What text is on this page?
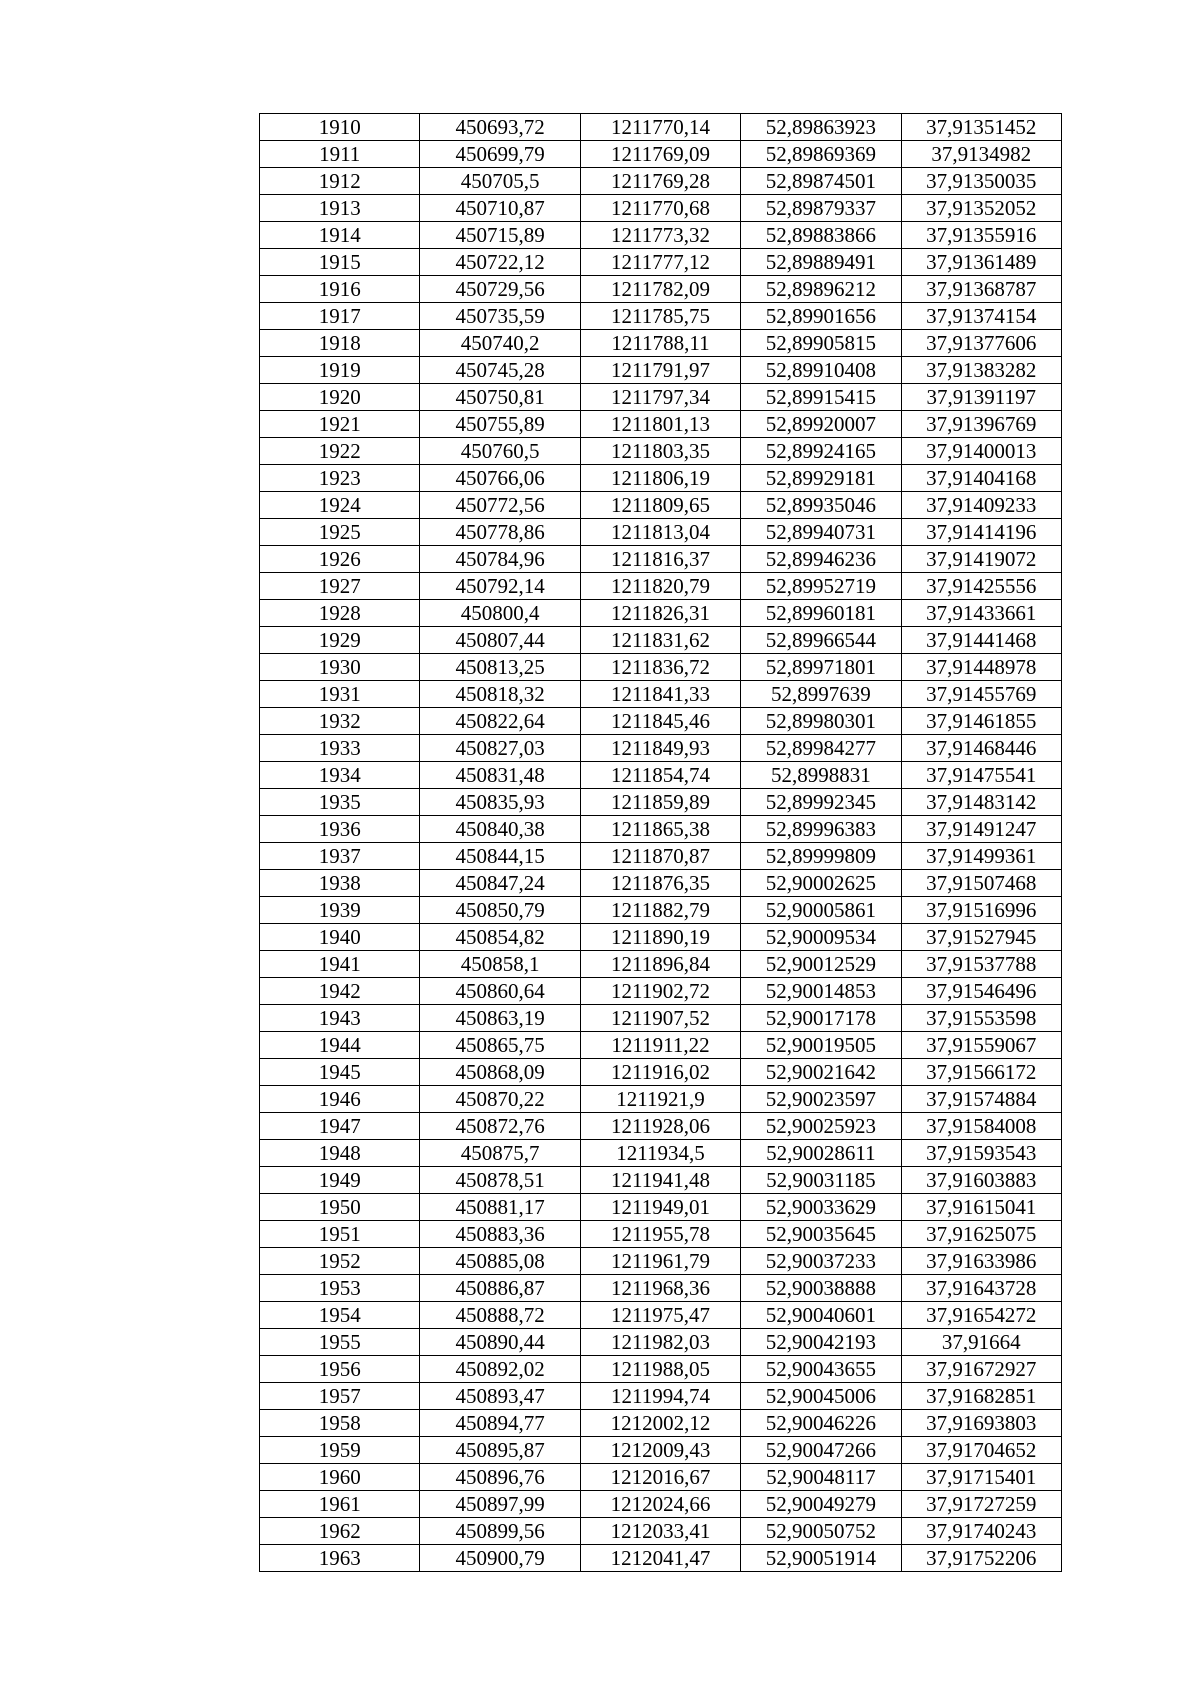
1910	450693,72	1211770,14	52,89863923	37,91351452
1911	450699,79	1211769,09	52,89869369	37,9134982
1912	450705,5	1211769,28	52,89874501	37,91350035
1913	450710,87	1211770,68	52,89879337	37,91352052
1914	450715,89	1211773,32	52,89883866	37,91355916
1915	450722,12	1211777,12	52,89889491	37,91361489
1916	450729,56	1211782,09	52,89896212	37,91368787
1917	450735,59	1211785,75	52,89901656	37,91374154
1918	450740,2	1211788,11	52,89905815	37,91377606
1919	450745,28	1211791,97	52,89910408	37,91383282
1920	450750,81	1211797,34	52,89915415	37,91391197
1921	450755,89	1211801,13	52,89920007	37,91396769
1922	450760,5	1211803,35	52,89924165	37,91400013
1923	450766,06	1211806,19	52,89929181	37,91404168
1924	450772,56	1211809,65	52,89935046	37,91409233
1925	450778,86	1211813,04	52,89940731	37,91414196
1926	450784,96	1211816,37	52,89946236	37,91419072
1927	450792,14	1211820,79	52,89952719	37,91425556
1928	450800,4	1211826,31	52,89960181	37,91433661
1929	450807,44	1211831,62	52,89966544	37,91441468
1930	450813,25	1211836,72	52,89971801	37,91448978
1931	450818,32	1211841,33	52,8997639	37,91455769
1932	450822,64	1211845,46	52,89980301	37,91461855
1933	450827,03	1211849,93	52,89984277	37,91468446
1934	450831,48	1211854,74	52,8998831	37,91475541
1935	450835,93	1211859,89	52,89992345	37,91483142
1936	450840,38	1211865,38	52,89996383	37,91491247
1937	450844,15	1211870,87	52,89999809	37,91499361
1938	450847,24	1211876,35	52,90002625	37,91507468
1939	450850,79	1211882,79	52,90005861	37,91516996
1940	450854,82	1211890,19	52,90009534	37,91527945
1941	450858,1	1211896,84	52,90012529	37,91537788
1942	450860,64	1211902,72	52,90014853	37,91546496
1943	450863,19	1211907,52	52,90017178	37,91553598
1944	450865,75	1211911,22	52,90019505	37,91559067
1945	450868,09	1211916,02	52,90021642	37,91566172
1946	450870,22	1211921,9	52,90023597	37,91574884
1947	450872,76	1211928,06	52,90025923	37,91584008
1948	450875,7	1211934,5	52,90028611	37,91593543
1949	450878,51	1211941,48	52,90031185	37,91603883
1950	450881,17	1211949,01	52,90033629	37,91615041
1951	450883,36	1211955,78	52,90035645	37,91625075
1952	450885,08	1211961,79	52,90037233	37,91633986
1953	450886,87	1211968,36	52,90038888	37,91643728
1954	450888,72	1211975,47	52,90040601	37,91654272
1955	450890,44	1211982,03	52,90042193	37,91664
1956	450892,02	1211988,05	52,90043655	37,91672927
1957	450893,47	1211994,74	52,90045006	37,91682851
1958	450894,77	1212002,12	52,90046226	37,91693803
1959	450895,87	1212009,43	52,90047266	37,91704652
1960	450896,76	1212016,67	52,90048117	37,91715401
1961	450897,99	1212024,66	52,90049279	37,91727259
1962	450899,56	1212033,41	52,90050752	37,91740243
1963	450900,79	1212041,47	52,90051914	37,91752206
